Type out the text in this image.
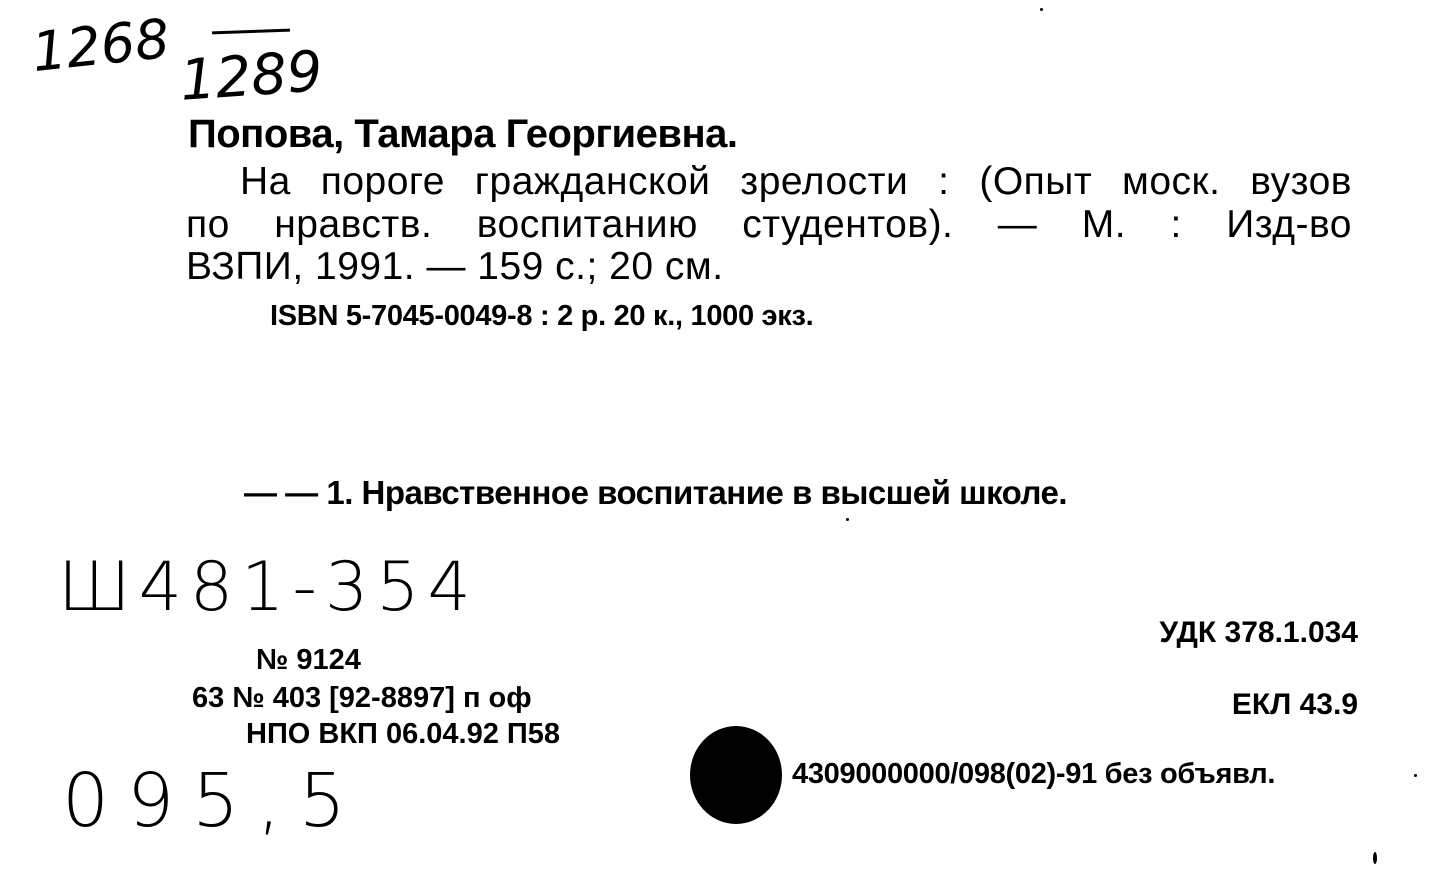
1268 1289
Попова, Тамара Георгиевна.
На пороге гражданской зрелости : (Опыт моск. вузов
по нравств. воспитанию студентов). — М. : Изд-во
ВЗПИ, 1991. — 159 с.; 20 см.
ISBN 5-7045-0049-8 : 2 р. 20 к., 1000 экз.
— — 1. Нравственное воспитание в высшей школе.
Ш481-354
№ 9124
63 № 403 [92-8897] п оф
НПО ВКП 06.04.92 П58
095,5
УДК 378.1.034
ЕКЛ 43.9
4309000000/098(02)-91 без объявл.
